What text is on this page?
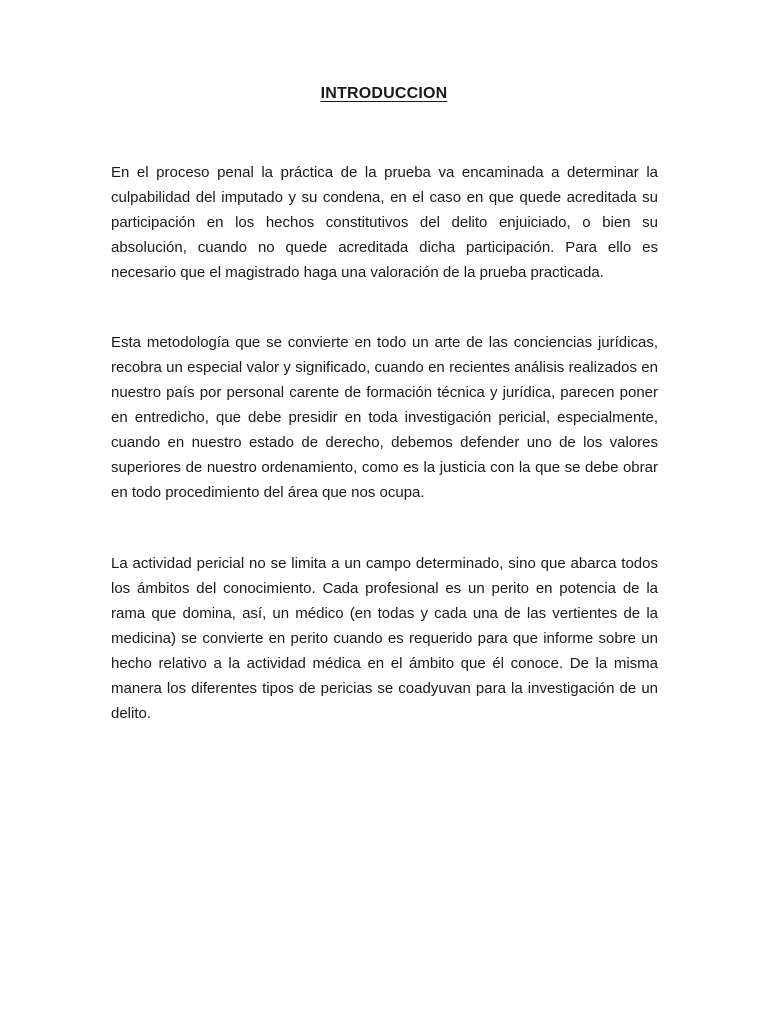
INTRODUCCION

En el proceso penal la práctica de la prueba va encaminada a determinar la culpabilidad del imputado y su condena, en el caso en que quede acreditada su participación en los hechos constitutivos del delito enjuiciado, o bien su absolución, cuando no quede acreditada dicha participación. Para ello es necesario que el magistrado haga una valoración de la prueba practicada.

Esta metodología que se convierte en todo un arte de las conciencias jurídicas, recobra un especial valor y significado, cuando en recientes análisis realizados en nuestro país por personal carente de formación técnica y jurídica, parecen poner en entredicho, que debe presidir en toda investigación pericial, especialmente, cuando en nuestro estado de derecho, debemos defender uno de los valores superiores de nuestro ordenamiento, como es la justicia con la que se debe obrar en todo procedimiento del área que nos ocupa.

La actividad pericial no se limita a un campo determinado, sino que abarca todos los ámbitos del conocimiento. Cada profesional es un perito en potencia de la rama que domina, así, un médico (en todas y cada una de las vertientes de la medicina) se convierte en perito cuando es requerido para que informe sobre un hecho relativo a la actividad médica en el ámbito que él conoce. De la misma manera los diferentes tipos de pericias se coadyuvan para la investigación de un delito.
